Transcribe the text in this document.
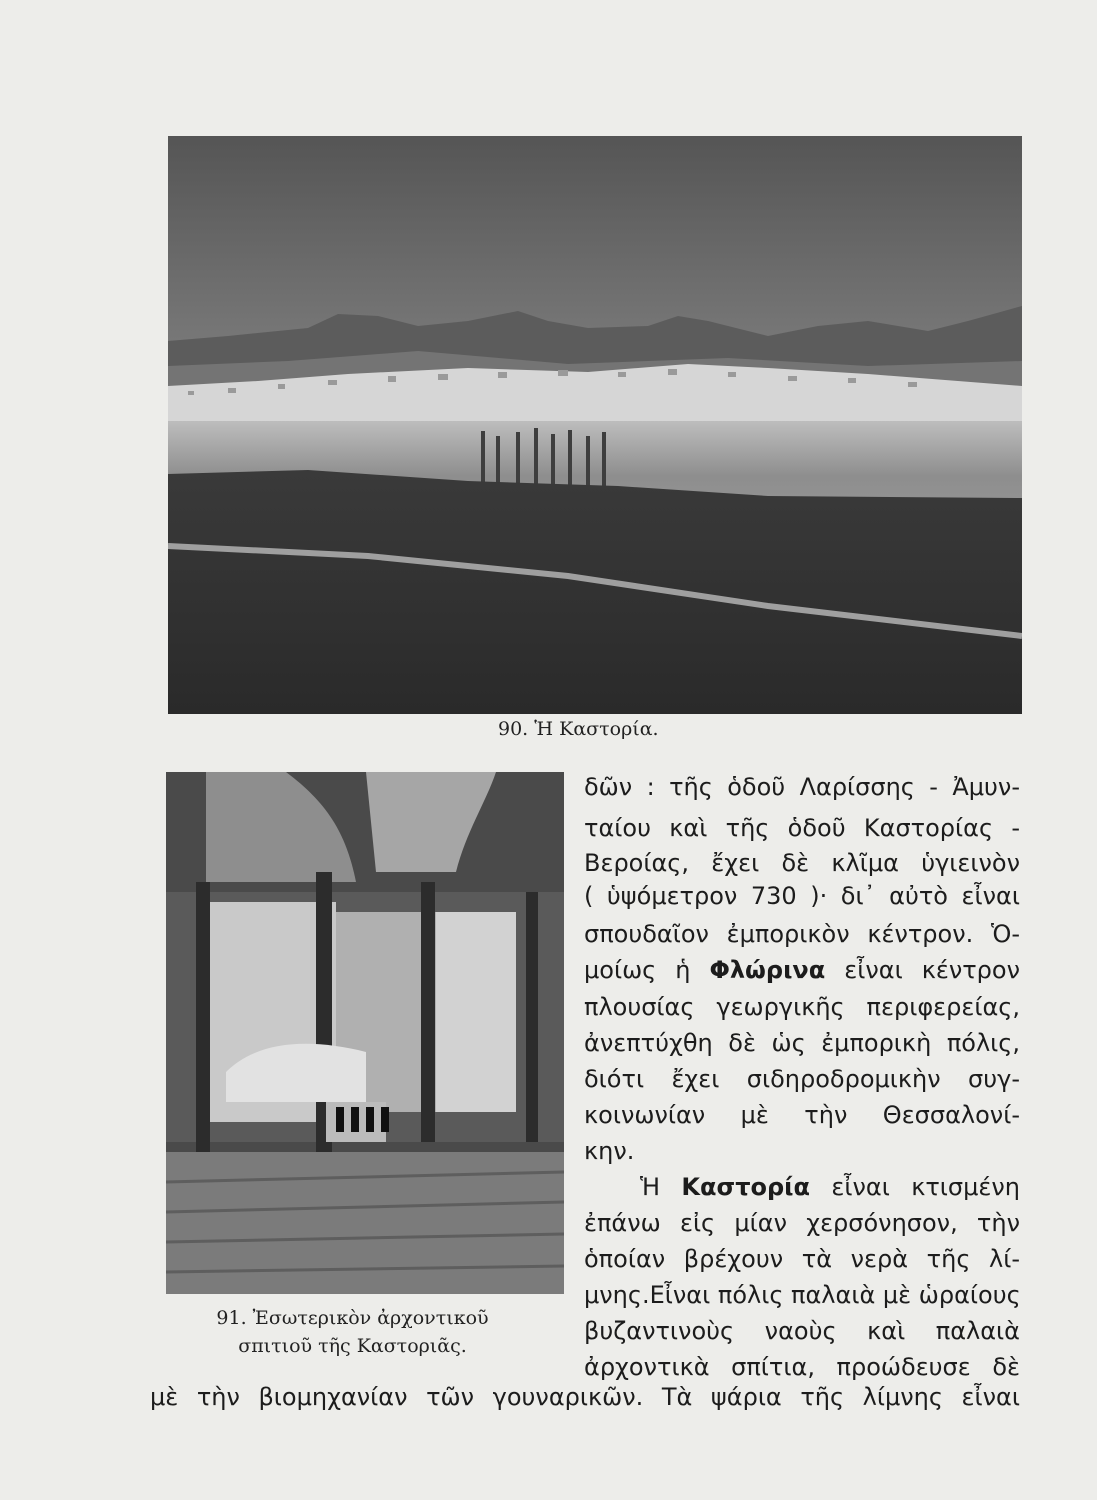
90. Ἡ Καστορία.

91. Ἐσωτερικὸν ἀρχοντικοῦ
σπιτιοῦ τῆς Καστοριᾶς.

δῶν : τῆς ὁδοῦ Λαρίσσης - Ἀμυν-

ταίου καὶ τῆς ὁδοῦ Καστορίας -

Βεροίας, ἔχει δὲ κλῖμα ὑγιεινὸν

( ὑψόμετρον 730 )· δι᾽ αὐτὸ εἶναι

σπουδαῖον ἐμπορικὸν κέντρον. Ὁ-

μοίως ἡ Φλώρινα εἶναι κέντρον

πλουσίας γεωργικῆς περιφερείας,

ἀνεπτύχθη δὲ ὡς ἐμπορικὴ πόλις,

διότι ἔχει σιδηροδρομικὴν συγ-

κοινωνίαν μὲ τὴν Θεσσαλονί-

κην.

Ἡ Καστορία εἶναι κτισμένη

ἐπάνω εἰς μίαν χερσόνησον, τὴν

ὁποίαν βρέχουν τὰ νερὰ τῆς λί-

μνης.Εἶναι πόλις παλαιὰ μὲ ὡραίους

βυζαντινοὺς ναοὺς καὶ παλαιὰ

ἀρχοντικὰ σπίτια, προώδευσε δὲ

μὲ τὴν βιομηχανίαν τῶν γουναρικῶν. Τὰ ψάρια τῆς λίμνης εἶναι
